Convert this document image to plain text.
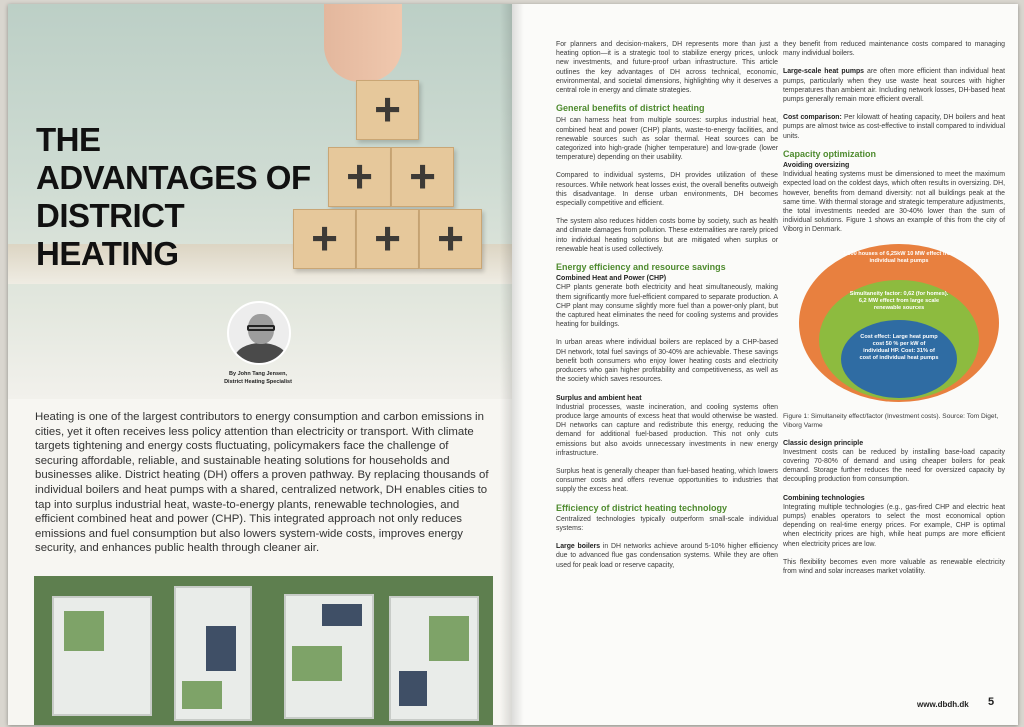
+
+ +
+ + +
THE ADVANTAGES OF DISTRICT HEATING
By John Tang Jensen,
District Heating Specialist
Heating is one of the largest contributors to energy consumption and carbon emissions in cities, yet it often receives less policy attention than electricity or transport. With climate targets tightening and energy costs fluctuating, policymakers face the challenge of securing affordable, reliable, and sustainable heating solutions for households and businesses alike. District heating (DH) offers a proven pathway. By replacing thousands of individual boilers and heat pumps with a shared, centralized network, DH enables cities to tap into surplus industrial heat, waste-to-energy plants, renewable technologies, and efficient combined heat and power (CHP). This integrated approach not only reduces emissions and fuel consumption but also lowers system-wide costs, improves energy security, and enhances public health through cleaner air.

For planners and decision-makers, DH represents more than just a heating option—it is a strategic tool to stabilize energy prices, unlock new investments, and future-proof urban infrastructure. This article outlines the key advantages of DH across technical, economic, environmental, and societal dimensions, highlighting why it deserves a central role in energy and climate strategies.

General benefits of district heating

DH can harness heat from multiple sources: surplus industrial heat, combined heat and power (CHP) plants, waste-to-energy facilities, and renewable sources such as solar thermal. Heat sources can be categorized into high-grade (higher temperature) and low-grade (lower temperature) depending on their usability.

Compared to individual systems, DH provides utilization of these resources. While network heat losses exist, the overall benefits outweigh this disadvantage. In dense urban environments, DH becomes especially competitive and efficient.

The system also reduces hidden costs borne by society, such as health and climate damages from pollution. These externalities are rarely priced into individual heating solutions but are mitigated when surplus or renewable heat is used collectively.

Energy efficiency and resource savings
Combined Heat and Power (CHP)

CHP plants generate both electricity and heat simultaneously, making them significantly more fuel-efficient compared to separate production. A CHP plant may consume slightly more fuel than a power-only plant, but the captured heat eliminates the need for cooling systems and provides heating for buildings.

In urban areas where individual boilers are replaced by a CHP-based DH network, total fuel savings of 30-40% are achievable. These savings benefit both consumers who enjoy lower heating costs and electricity producers who gain higher profitability and competitiveness, as well as the society which saves resources.

Surplus and ambient heat

Industrial processes, waste incineration, and cooling systems often produce large amounts of excess heat that would otherwise be wasted. DH networks can capture and redistribute this energy, reducing the demand for additional fuel-based production. This not only cuts emissions but also avoids unnecessary investments in new energy infrastructure.

Surplus heat is generally cheaper than fuel-based heating, which lowers consumer costs and offers revenue opportunities to industries that supply the excess heat.

Efficiency of district heating technology

Centralized technologies typically outperform small-scale individual systems:

Large boilers in DH networks achieve around 5-10% higher efficiency due to advanced flue gas condensation systems. While they are often used for peak load or reserve capacity,

they benefit from reduced maintenance costs compared to managing many individual boilers.

Large-scale heat pumps are often more efficient than individual heat pumps, particularly when they use waste heat sources with higher temperatures than ambient air. Including network losses, DH-based heat pumps generally remain more efficient overall.

Cost comparison: Per kilowatt of heating capacity, DH boilers and heat pumps are almost twice as cost-effective to install compared to individual units.

Capacity optimization
Avoiding oversizing

Individual heating systems must be dimensioned to meet the maximum expected load on the coldest days, which often results in oversizing. DH, however, benefits from demand diversity: not all buildings peak at the same time. With thermal storage and strategic temperature adjustments, the total investments needed are 30-40% lower than the sum of individual solutions. Figure 1 shows an example of this from the city of Viborg in Denmark.

1.600 houses of 6,25kW 10 MW effect from individual heat pumps
Simultaneity factor: 0,62 (for homes). 6,2 MW effect from large scale renewable sources
Cost effect: Large heat pump cost 50 % per kW of individual HP. Cost: 31% of cost of individual heat pumps

Figure 1: Simultaneity effect/factor (Investment costs). Source: Tom Diget, Viborg Varme

Classic design principle

Investment costs can be reduced by installing base-load capacity covering 70-80% of demand and using cheaper boilers for peak demand. Storage further reduces the need for oversized capacity by decoupling production from consumption.

Combining technologies

Integrating multiple technologies (e.g., gas-fired CHP and electric heat pumps) enables operators to select the most economical option depending on real-time energy prices. For example, CHP is optimal when electricity prices are high, while heat pumps are more efficient when electricity prices are low.

This flexibility becomes even more valuable as renewable electricity from wind and solar increases market volatility.

www.dbdh.dk 5
